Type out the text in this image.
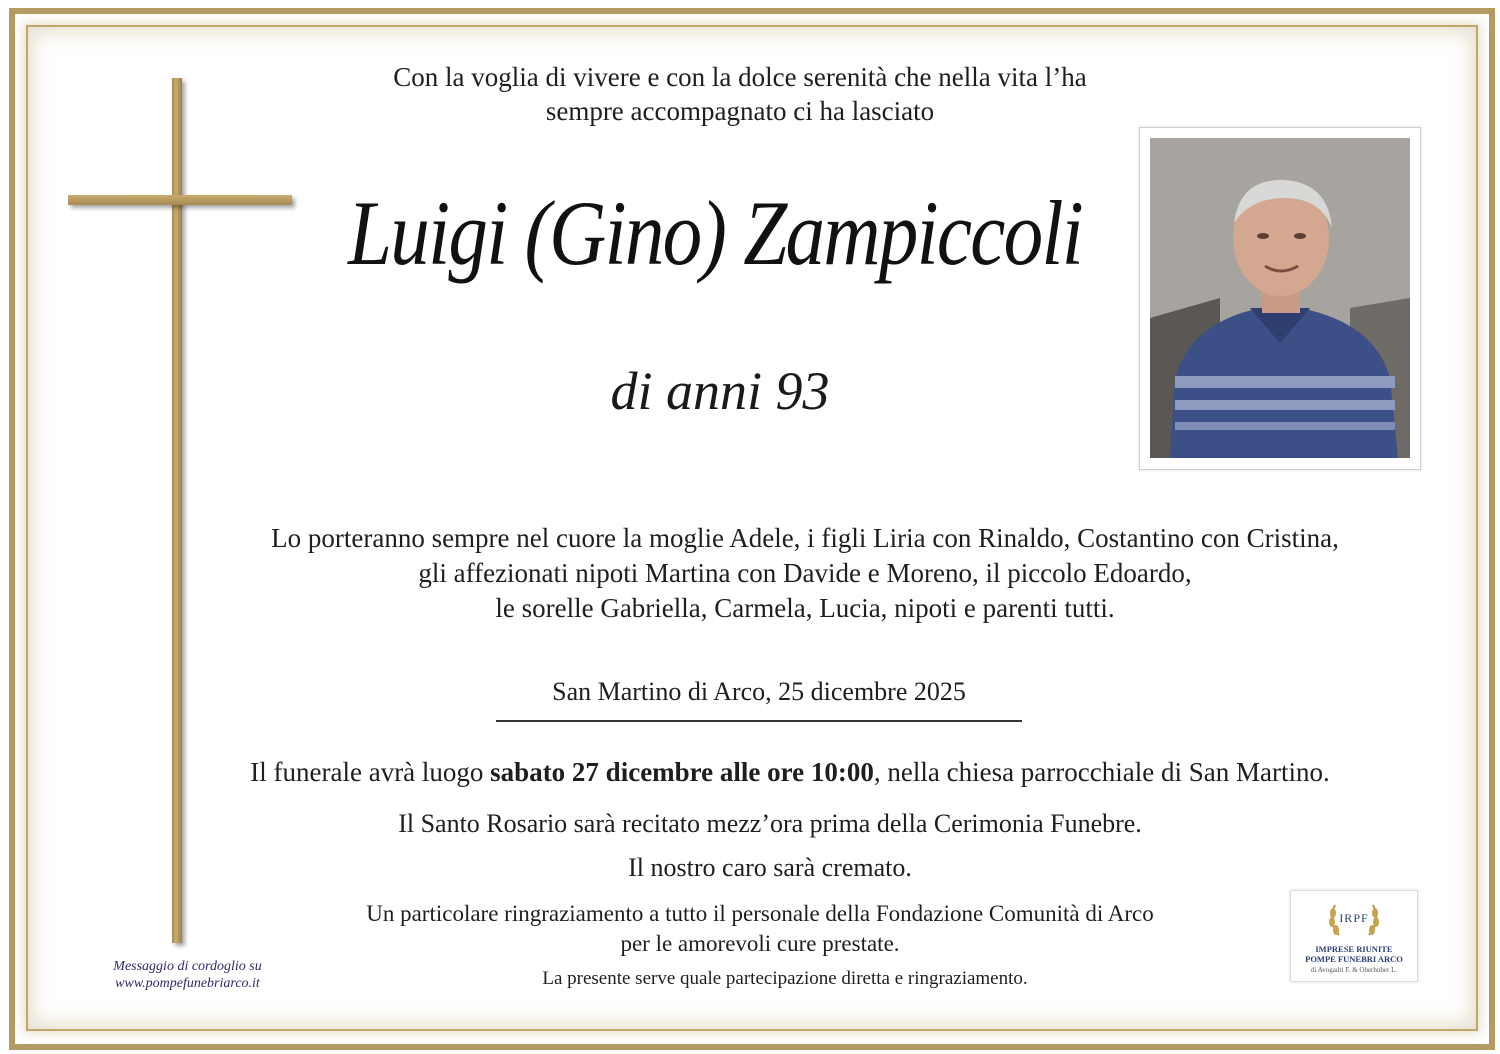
Con la voglia di vivere e con la dolce serenità che nella vita l’ha
sempre accompagnato ci ha lasciato
Luigi (Gino) Zampiccoli
di anni 93
Lo porteranno sempre nel cuore la moglie Adele, i figli Liria con Rinaldo, Costantino con Cristina,
gli affezionati nipoti Martina con Davide e Moreno, il piccolo Edoardo,
le sorelle Gabriella, Carmela, Lucia, nipoti e parenti tutti.
San Martino di Arco, 25 dicembre 2025
Il funerale avrà luogo sabato 27 dicembre alle ore 10:00, nella chiesa parrocchiale di San Martino.
Il Santo Rosario sarà recitato mezz’ora prima della Cerimonia Funebre.
Il nostro caro sarà cremato.
Un particolare ringraziamento a tutto il personale della Fondazione Comunità di Arco
per le amorevoli cure prestate.
La presente serve quale partecipazione diretta e ringraziamento.
Messaggio di cordoglio su
www.pompefunebriarco.it
IRPF
IMPRESE RIUNITE
POMPE FUNEBRI ARCO
di Avogadri F. & Oberhuber L.
